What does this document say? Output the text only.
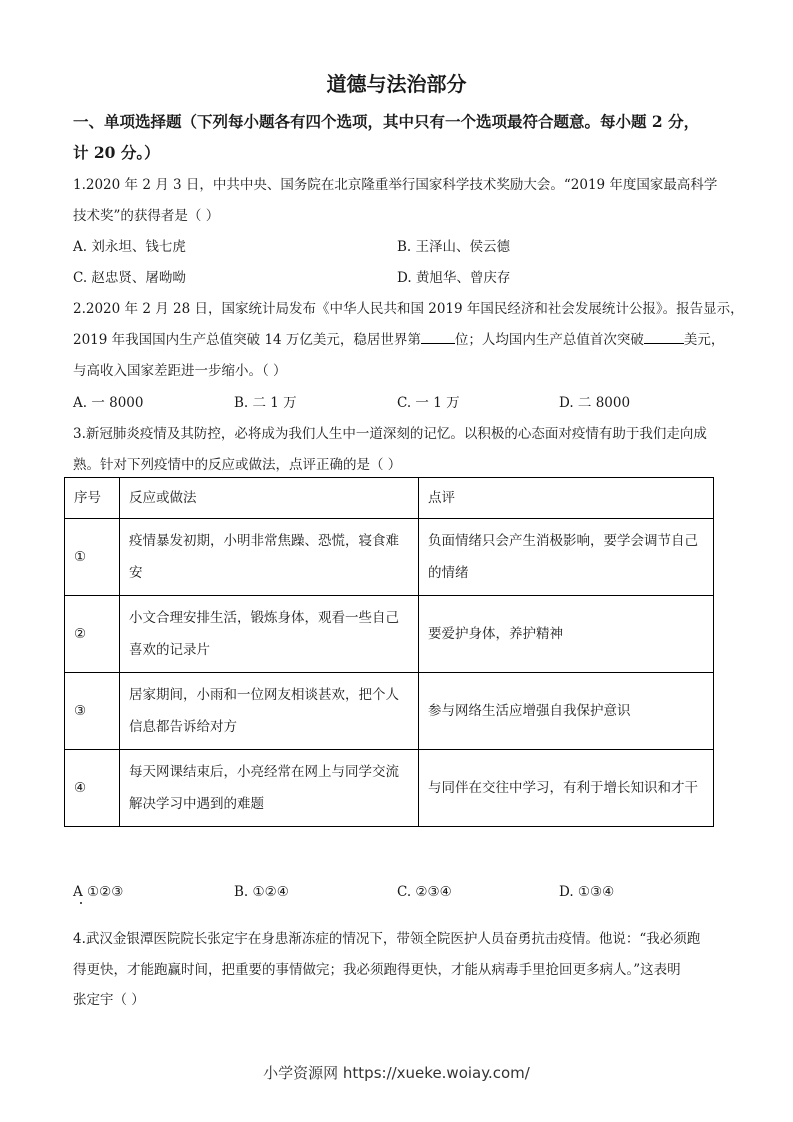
道德与法治部分
一、单项选择题（下列每小题各有四个选项，其中只有一个选项最符合题意。每小题 2 分，
计 20 分。）
1.2020 年 2 月 3 日，中共中央、国务院在北京隆重举行国家科学技术奖励大会。“2019 年度国家最高科学
技术奖”的获得者是（ ）
A. 刘永坦、钱七虎	B. 王泽山、侯云德
C. 赵忠贤、屠呦呦	D. 黄旭华、曾庆存
2.2020 年 2 月 28 日，国家统计局发布《中华人民共和国 2019 年国民经济和社会发展统计公报》。报告显示，
2019 年我国国内生产总值突破 14 万亿美元，稳居世界第	位；人均国内生产总值首次突破	美元，
与高收入国家差距进一步缩小。（ ）
A. 一 8000	B. 二 1 万	C. 一 1 万	D. 二 8000
3.新冠肺炎疫情及其防控，必将成为我们人生中一道深刻的记忆。以积极的心态面对疫情有助于我们走向成
熟。针对下列疫情中的反应或做法，点评正确的是（ ）
序号	反应或做法	点评
①	疫情暴发初期，小明非常焦躁、恐慌，寝食难安	负面情绪只会产生消极影响，要学会调节自己的情绪
②	小文合理安排生活，锻炼身体，观看一些自己喜欢的记录片	要爱护身体，养护精神
③	居家期间，小雨和一位网友相谈甚欢，把个人信息都告诉给对方	参与网络生活应增强自我保护意识
④	每天网课结束后，小亮经常在网上与同学交流解决学习中遇到的难题	与同伴在交往中学习，有利于增长知识和才干
A ①②③	B. ①②④	C. ②③④	D. ①③④
4.武汉金银潭医院院长张定宇在身患渐冻症的情况下，带领全院医护人员奋勇抗击疫情。他说：“我必须跑
得更快，才能跑赢时间，把重要的事情做完；我必须跑得更快，才能从病毒手里抢回更多病人。”这表明
张定宇（ ）
小学资源网 https://xueke.woiay.com/
